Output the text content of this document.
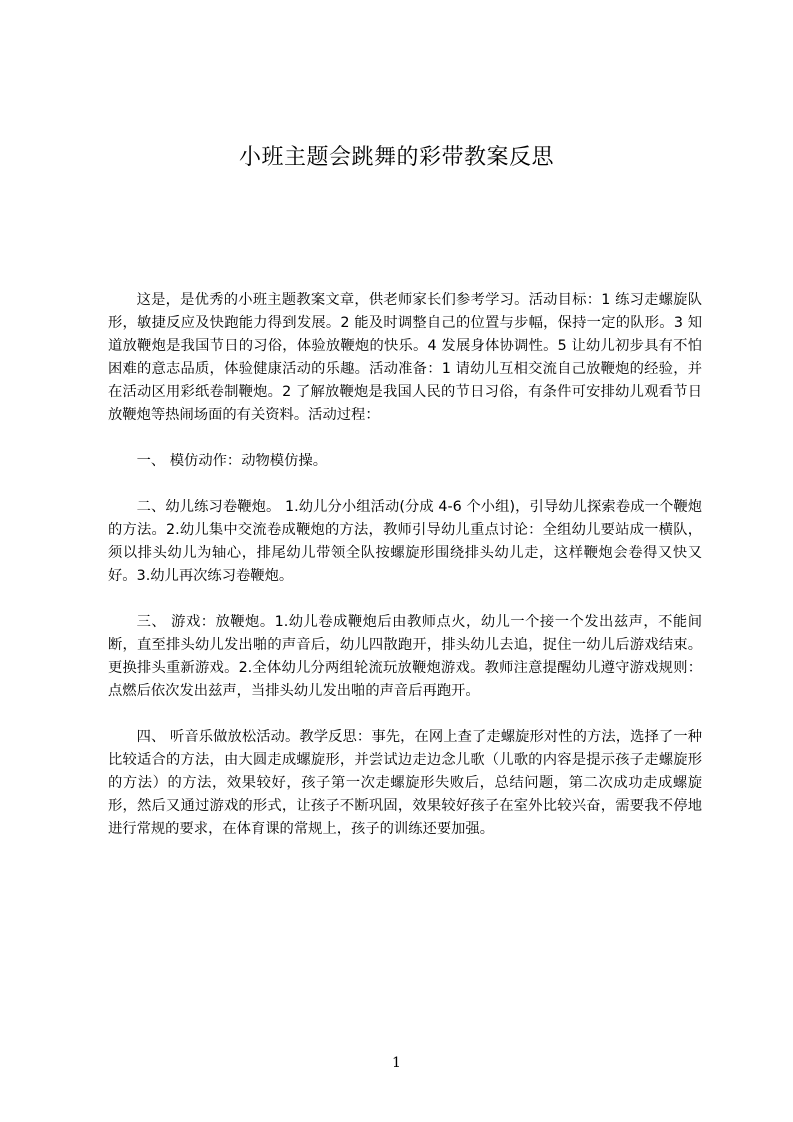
小班主题会跳舞的彩带教案反思

这是，是优秀的小班主题教案文章，供老师家长们参考学习。活动目标：1 练习走螺旋队形，敏捷反应及快跑能力得到发展。2 能及时调整自己的位置与步幅，保持一定的队形。3 知道放鞭炮是我国节日的习俗，体验放鞭炮的快乐。4 发展身体协调性。5 让幼儿初步具有不怕困难的意志品质，体验健康活动的乐趣。活动准备：1 请幼儿互相交流自己放鞭炮的经验，并在活动区用彩纸卷制鞭炮。2 了解放鞭炮是我国人民的节日习俗，有条件可安排幼儿观看节日放鞭炮等热闹场面的有关资料。活动过程：

一、 模仿动作：动物模仿操。

二、幼儿练习卷鞭炮。 1.幼儿分小组活动(分成 4-6 个小组)，引导幼儿探索卷成一个鞭炮的方法。2.幼儿集中交流卷成鞭炮的方法，教师引导幼儿重点讨论：全组幼儿要站成一横队，须以排头幼儿为轴心，排尾幼儿带领全队按螺旋形围绕排头幼儿走，这样鞭炮会卷得又快又好。3.幼儿再次练习卷鞭炮。

三、 游戏：放鞭炮。1.幼儿卷成鞭炮后由教师点火，幼儿一个接一个发出兹声，不能间断，直至排头幼儿发出啪的声音后，幼儿四散跑开，排头幼儿去追，捉住一幼儿后游戏结束。更换排头重新游戏。2.全体幼儿分两组轮流玩放鞭炮游戏。教师注意提醒幼儿遵守游戏规则：点燃后依次发出兹声，当排头幼儿发出啪的声音后再跑开。

四、 听音乐做放松活动。教学反思：事先，在网上查了走螺旋形对性的方法，选择了一种比较适合的方法，由大圆走成螺旋形，并尝试边走边念儿歌（儿歌的内容是提示孩子走螺旋形的方法）的方法，效果较好，孩子第一次走螺旋形失败后，总结问题，第二次成功走成螺旋形，然后又通过游戏的形式，让孩子不断巩固，效果较好孩子在室外比较兴奋，需要我不停地进行常规的要求，在体育课的常规上，孩子的训练还要加强。

1
